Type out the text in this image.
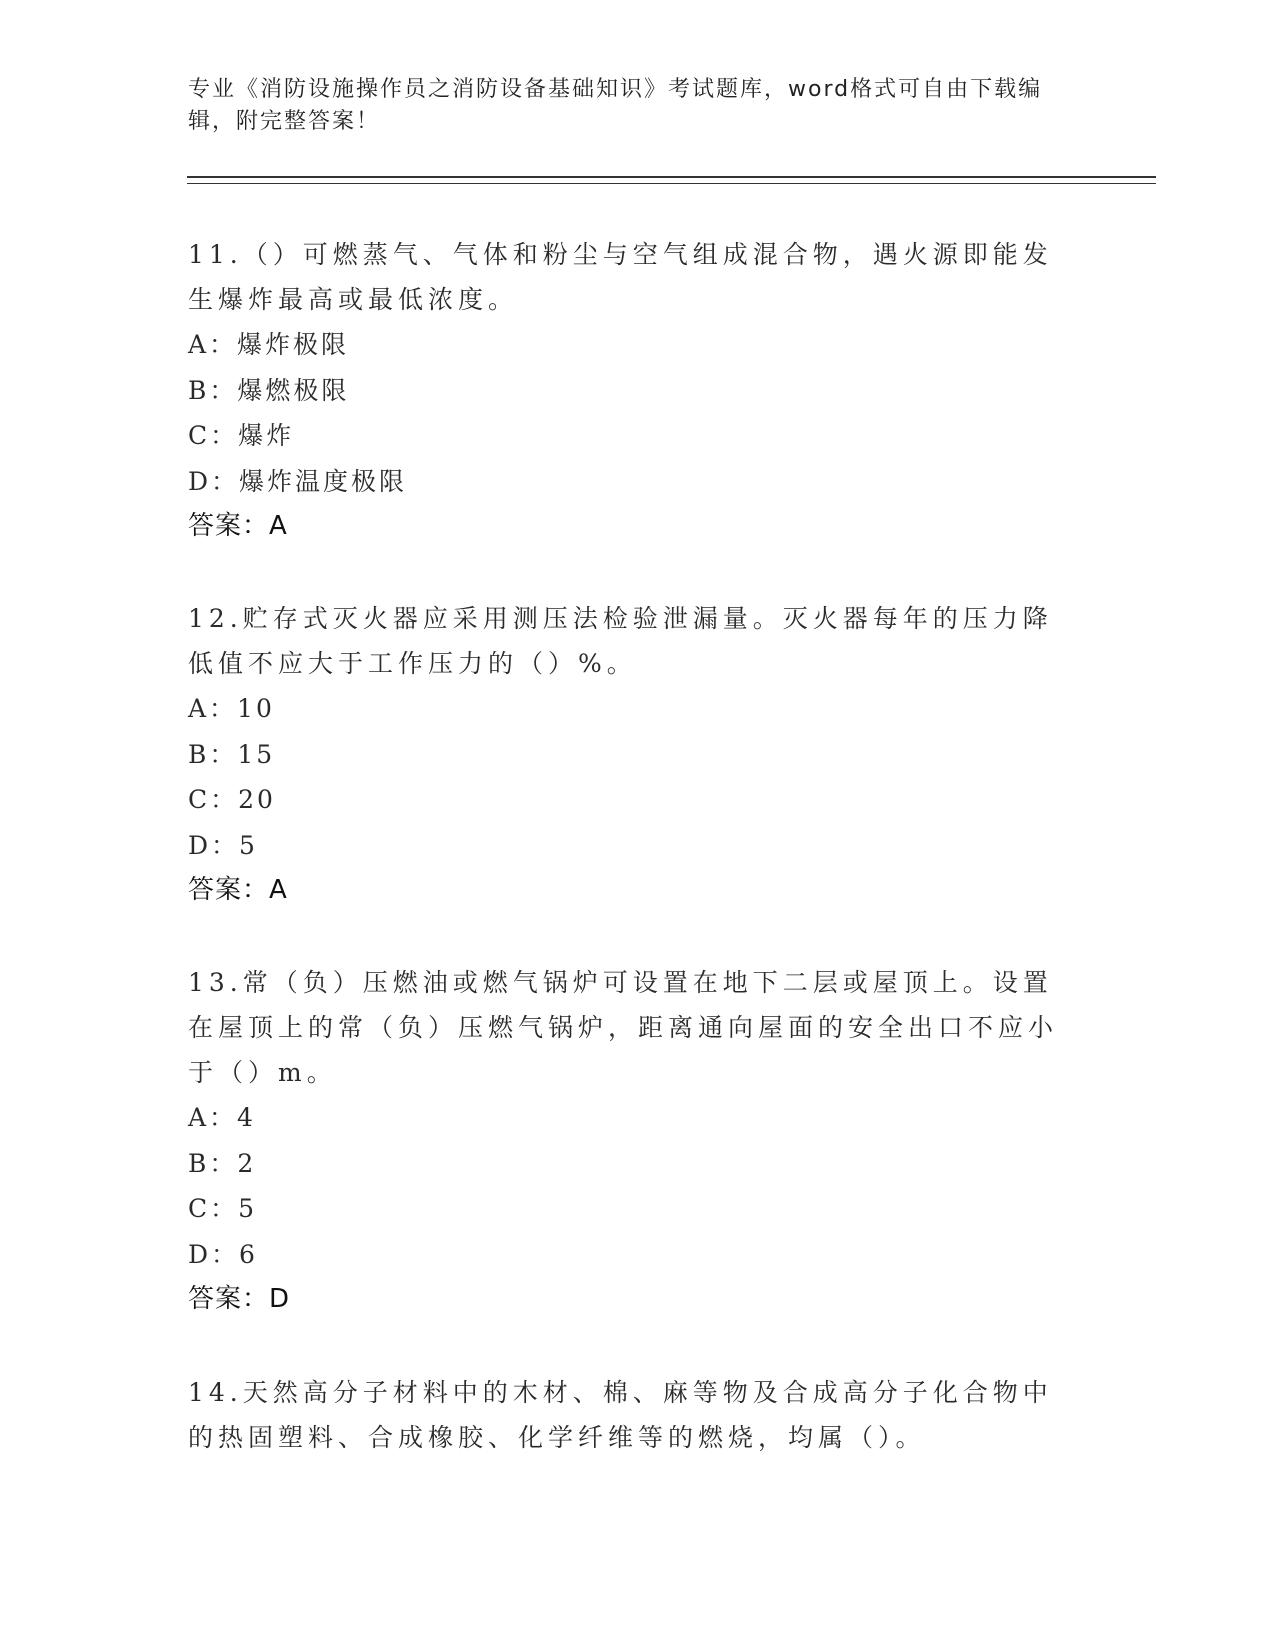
专业《消防设施操作员之消防设备基础知识》考试题库，word格式可自由下载编辑，附完整答案！

11.（）可燃蒸气、气体和粉尘与空气组成混合物，遇火源即能发生爆炸最高或最低浓度。

A：爆炸极限

B：爆燃极限

C：爆炸

D：爆炸温度极限

答案：A

12.贮存式灭火器应采用测压法检验泄漏量。灭火器每年的压力降低值不应大于工作压力的（）%。

A：10

B：15

C：20

D：5

答案：A

13.常（负）压燃油或燃气锅炉可设置在地下二层或屋顶上。设置在屋顶上的常（负）压燃气锅炉，距离通向屋面的安全出口不应小于（）m。

A：4

B：2

C：5

D：6

答案：D

14.天然高分子材料中的木材、棉、麻等物及合成高分子化合物中的热固塑料、合成橡胶、化学纤维等的燃烧，均属（）。
